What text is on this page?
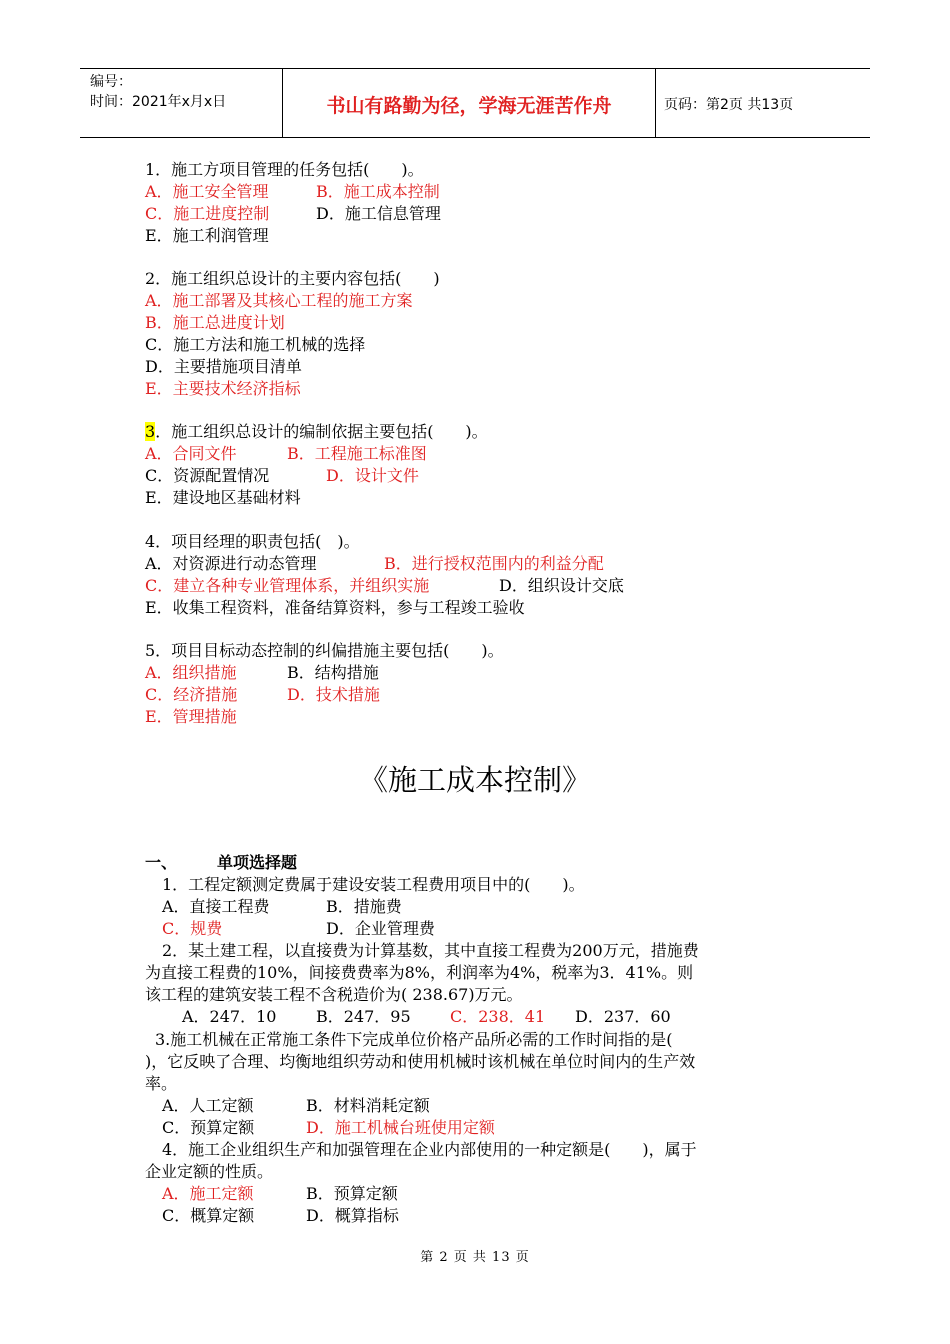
编号：
时间：2021年x月x日	书山有路勤为径，学海无涯苦作舟	页码：第2页 共13页
1．施工方项目管理的任务包括(　　)。
A．施工安全管理	B．施工成本控制
C．施工进度控制	D．施工信息管理
E．施工利润管理
2．施工组织总设计的主要内容包括(　　)
A．施工部署及其核心工程的施工方案
B．施工总进度计划
C．施工方法和施工机械的选择
D．主要措施项目清单
E．主要技术经济指标
3．施工组织总设计的编制依据主要包括(　　)。
A．合同文件	B．工程施工标准图
C．资源配置情况	D．设计文件
E．建设地区基础材料
4．项目经理的职责包括(　)。
A．对资源进行动态管理	B．进行授权范围内的利益分配
C．建立各种专业管理体系，并组织实施	D．组织设计交底
E．收集工程资料，准备结算资料，参与工程竣工验收
5．项目目标动态控制的纠偏措施主要包括(　　)。
A．组织措施	B．结构措施
C．经济措施	D．技术措施
E．管理措施
《施工成本控制》
一、	单项选择题
1．工程定额测定费属于建设安装工程费用项目中的(　　)。
A．直接工程费	B．措施费
C．规费	D．企业管理费
2．某土建工程，以直接费为计算基数，其中直接工程费为200万元，措施费
为直接工程费的10%，间接费费率为8%，利润率为4%，税率为3．41%。则
该工程的建筑安装工程不含税造价为( 238.67)万元。
A．247．10 B．247．95 C．238．41 D．237．60
3.施工机械在正常施工条件下完成单位价格产品所必需的工作时间指的是(
)，它反映了合理、均衡地组织劳动和使用机械时该机械在单位时间内的生产效
率。
A．人工定额	B．材料消耗定额
C．预算定额	D．施工机械台班使用定额
4．施工企业组织生产和加强管理在企业内部使用的一种定额是(　　)，属于
企业定额的性质。
A．施工定额	B．预算定额
C．概算定额	D．概算指标
第 2 页 共 13 页
